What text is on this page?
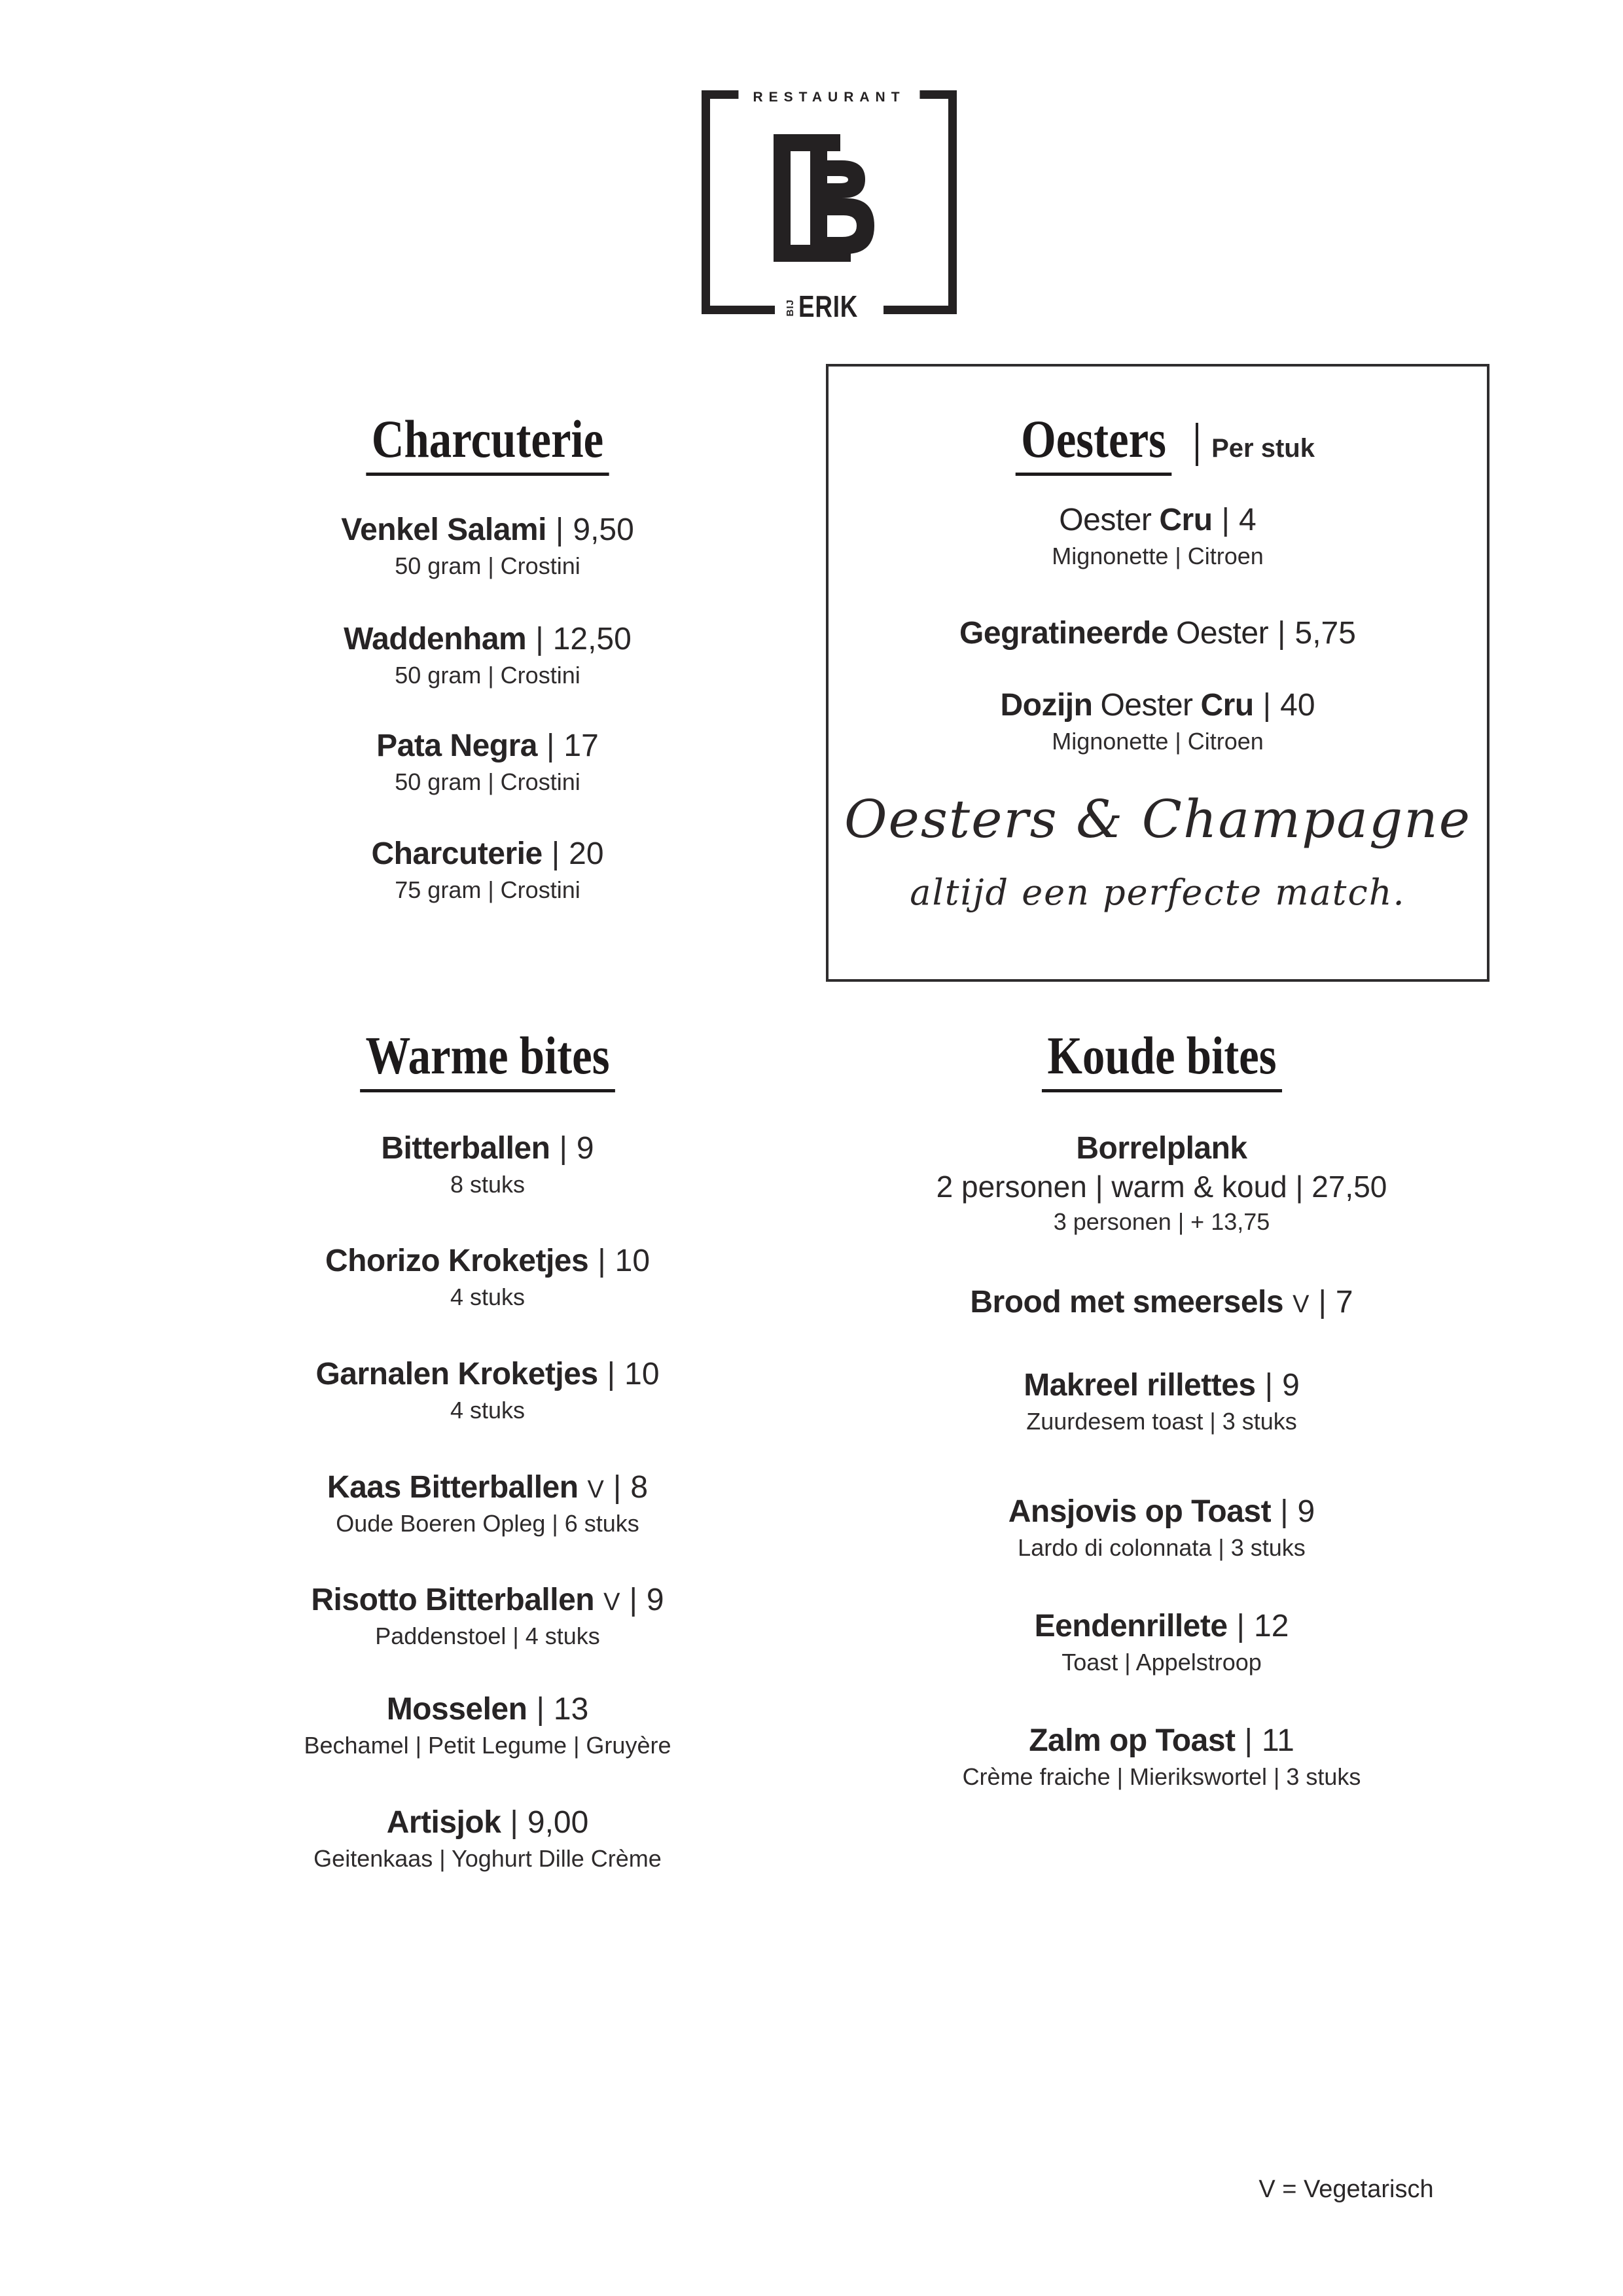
RESTAURANT
BIJ ERIK
Charcuterie
Venkel Salami | 9,50
50 gram | Crostini
Waddenham | 12,50
50 gram | Crostini
Pata Negra | 17
50 gram | Crostini
Charcuterie | 20
75 gram | Crostini
Oesters Per stuk
Oester Cru | 4
Mignonette | Citroen
Gegratineerde Oester | 5,75
Dozijn Oester Cru | 40
Mignonette | Citroen
Oesters & Champagne
altijd een perfecte match.
Warme bites
Bitterballen | 9
8 stuks
Chorizo Kroketjes | 10
4 stuks
Garnalen Kroketjes | 10
4 stuks
Kaas Bitterballen V | 8
Oude Boeren Opleg | 6 stuks
Risotto Bitterballen V | 9
Paddenstoel | 4 stuks
Mosselen | 13
Bechamel | Petit Legume | Gruyère
Artisjok | 9,00
Geitenkaas | Yoghurt Dille Crème
Koude bites
Borrelplank
2 personen | warm & koud | 27,50
3 personen | + 13,75
Brood met smeersels V | 7
Makreel rillettes | 9
Zuurdesem toast | 3 stuks
Ansjovis op Toast | 9
Lardo di colonnata | 3 stuks
Eendenrillete | 12
Toast | Appelstroop
Zalm op Toast | 11
Crème fraiche | Mierikswortel | 3 stuks
V = Vegetarisch
